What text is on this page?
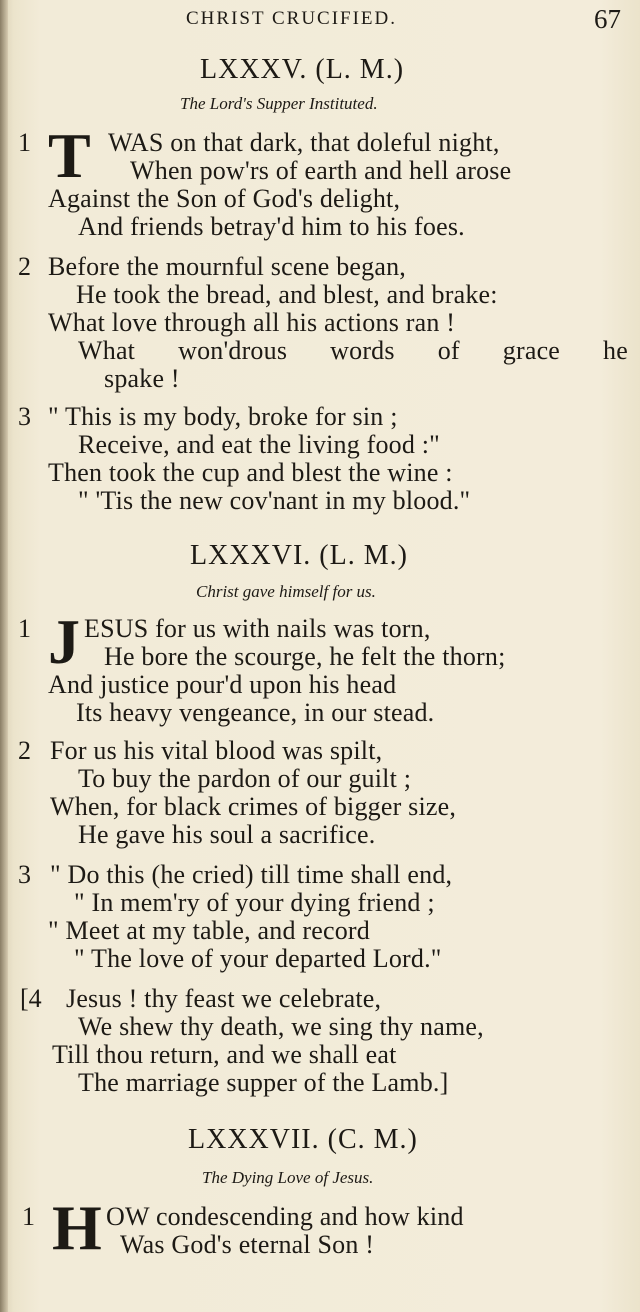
CHRIST CRUCIFIED.	67
LXXXV. (L. M.)
The Lord's Supper Instituted.
1 T WAS on that dark, that doleful night,
When pow'rs of earth and hell arose
Against the Son of God's delight,
And friends betray'd him to his foes.
2 Before the mournful scene began,
He took the bread, and blest, and brake:
What love through all his actions ran !
What won'drous words of grace he
spake !
3 " This is my body, broke for sin ;
Receive, and eat the living food :"
Then took the cup and blest the wine :
" 'Tis the new cov'nant in my blood."
LXXXVI. (L. M.)
Christ gave himself for us.
1 J ESUS for us with nails was torn,
He bore the scourge, he felt the thorn;
And justice pour'd upon his head
Its heavy vengeance, in our stead.
2 For us his vital blood was spilt,
To buy the pardon of our guilt ;
When, for black crimes of bigger size,
He gave his soul a sacrifice.
3 " Do this (he cried) till time shall end,
" In mem'ry of your dying friend ;
" Meet at my table, and record
" The love of your departed Lord."
[4 Jesus ! thy feast we celebrate,
We shew thy death, we sing thy name,
Till thou return, and we shall eat
The marriage supper of the Lamb.]
LXXXVII. (C. M.)
The Dying Love of Jesus.
1 H OW condescending and how kind
Was God's eternal Son !
